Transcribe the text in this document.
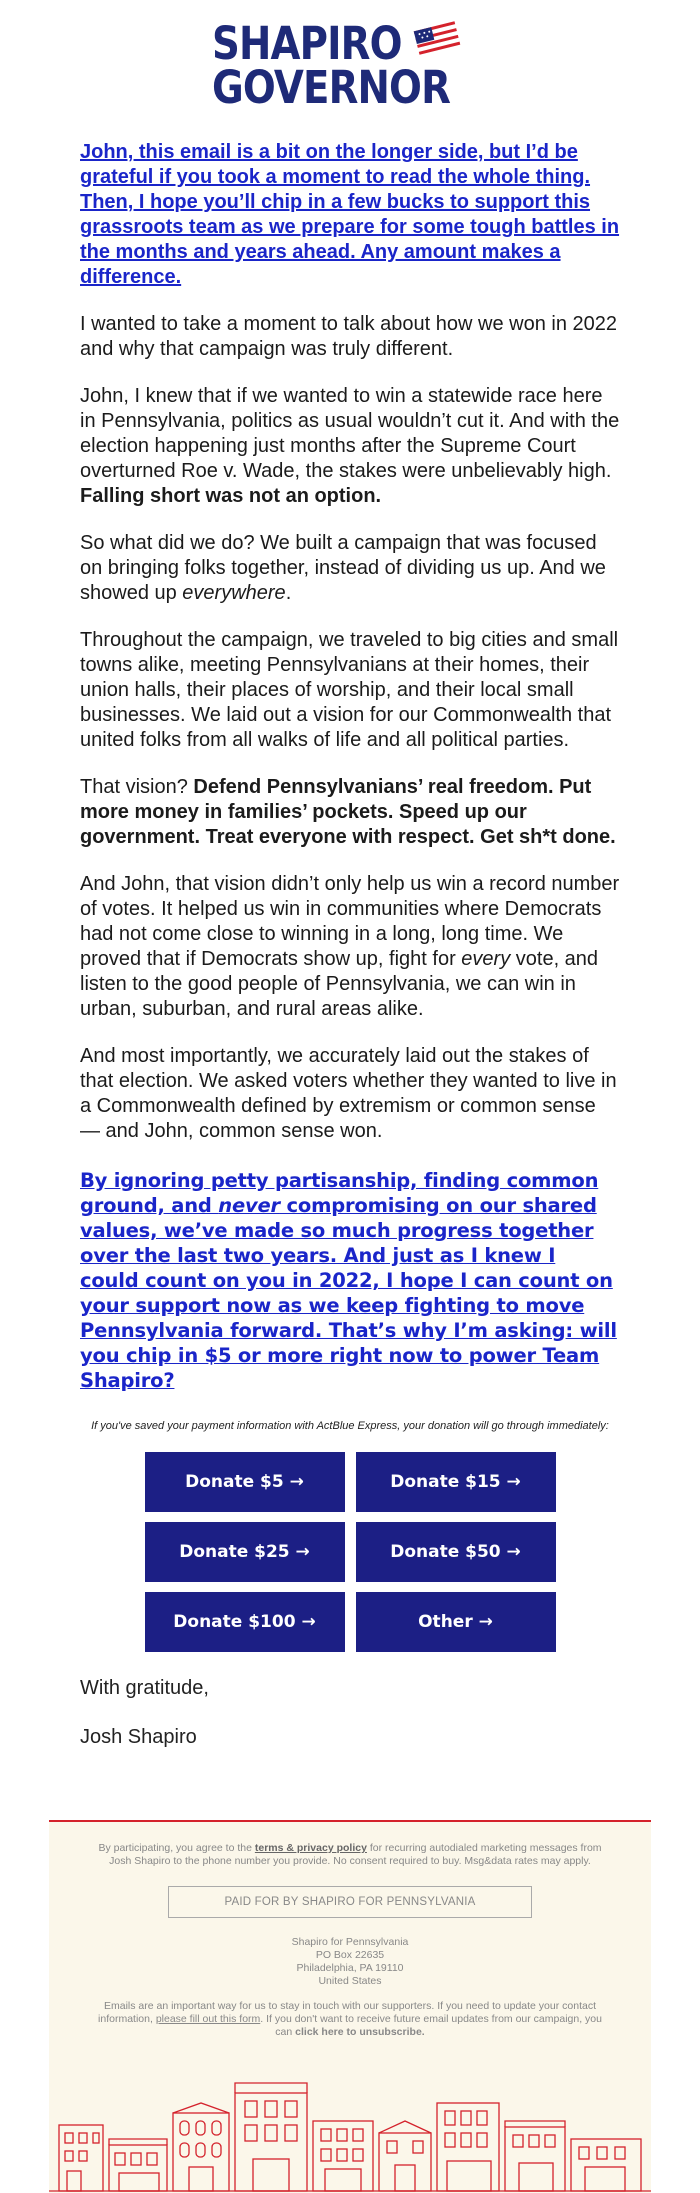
SHAPIRO
GOVERNOR

John, this email is a bit on the longer side, but I’d be grateful if you took a moment to read the whole thing. Then, I hope you’ll chip in a few bucks to support this grassroots team as we prepare for some tough battles in the months and years ahead. Any amount makes a difference.

I wanted to take a moment to talk about how we won in 2022 and why that campaign was truly different.

John, I knew that if we wanted to win a statewide race here in Pennsylvania, politics as usual wouldn’t cut it. And with the election happening just months after the Supreme Court overturned Roe v. Wade, the stakes were unbelievably high. Falling short was not an option.

So what did we do? We built a campaign that was focused on bringing folks together, instead of dividing us up. And we showed up everywhere.

Throughout the campaign, we traveled to big cities and small towns alike, meeting Pennsylvanians at their homes, their union halls, their places of worship, and their local small businesses. We laid out a vision for our Commonwealth that united folks from all walks of life and all political parties.

That vision? Defend Pennsylvanians’ real freedom. Put more money in families’ pockets. Speed up our government. Treat everyone with respect. Get sh*t done.

And John, that vision didn’t only help us win a record number of votes. It helped us win in communities where Democrats had not come close to winning in a long, long time. We proved that if Democrats show up, fight for every vote, and listen to the good people of Pennsylvania, we can win in urban, suburban, and rural areas alike.

And most importantly, we accurately laid out the stakes of that election. We asked voters whether they wanted to live in a Commonwealth defined by extremism or common sense — and John, common sense won.

By ignoring petty partisanship, finding common ground, and never compromising on our shared values, we’ve made so much progress together over the last two years. And just as I knew I could count on you in 2022, I hope I can count on your support now as we keep fighting to move Pennsylvania forward. That’s why I’m asking: will you chip in $5 or more right now to power Team Shapiro?

If you've saved your payment information with ActBlue Express, your donation will go through immediately:

Donate $5 →	Donate $15 →
Donate $25 →	Donate $50 →
Donate $100 →	Other →

With gratitude,

Josh Shapiro

By participating, you agree to the terms & privacy policy for recurring autodialed marketing messages from Josh Shapiro to the phone number you provide. No consent required to buy. Msg&data rates may apply.

PAID FOR BY SHAPIRO FOR PENNSYLVANIA
Shapiro for Pennsylvania
PO Box 22635
Philadelphia, PA 19110
United States

Emails are an important way for us to stay in touch with our supporters. If you need to update your contact information, please fill out this form. If you don't want to receive future email updates from our campaign, you can click here to unsubscribe.
